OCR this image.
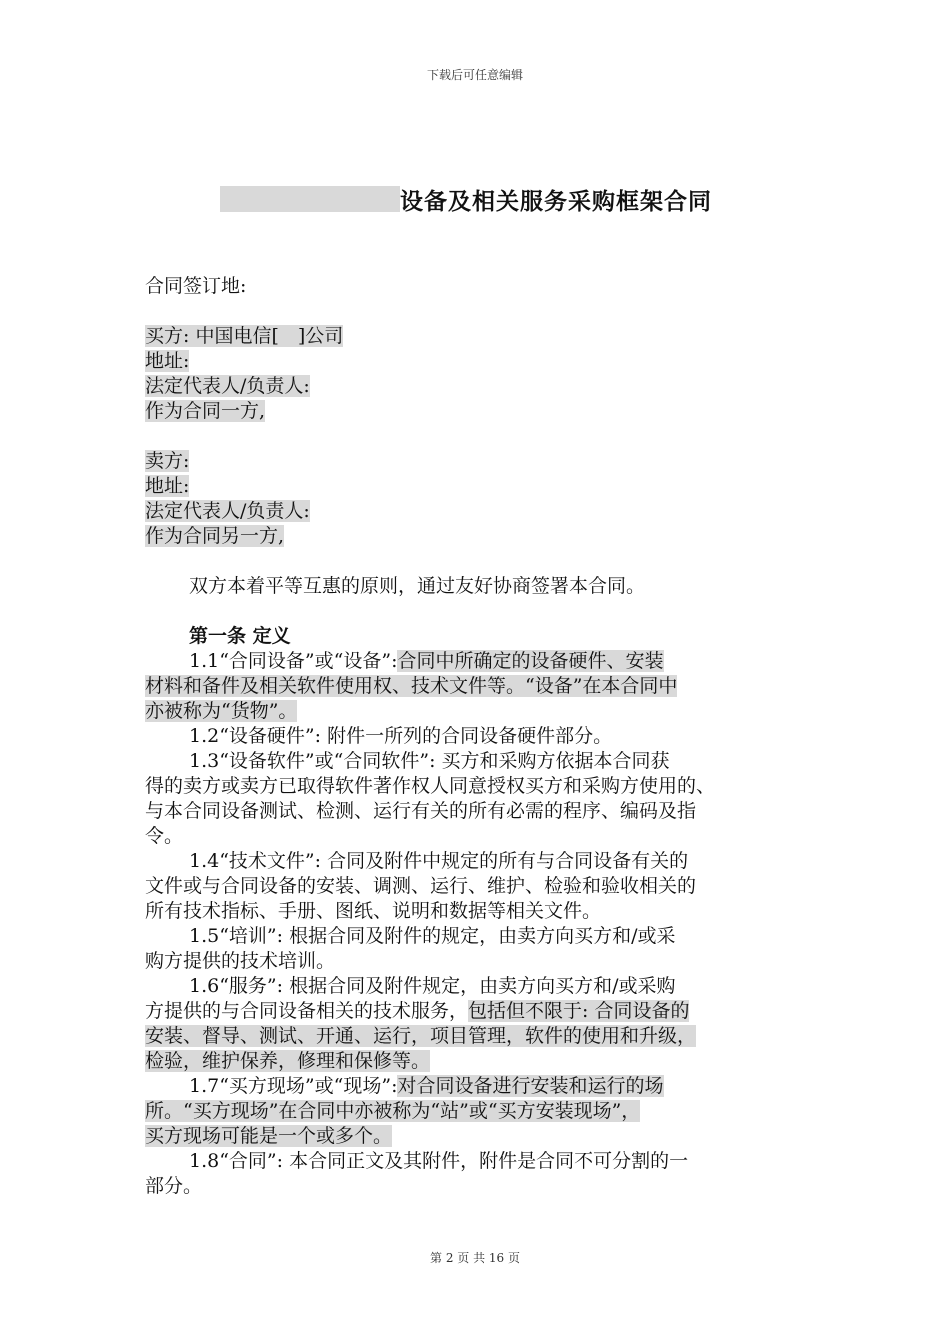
下载后可任意编辑
设备及相关服务采购框架合同
合同签订地:
买方: 中国电信[　]公司
地址:
法定代表人/负责人:
作为合同一方,
卖方:
地址:
法定代表人/负责人:
作为合同另一方,
双方本着平等互惠的原则，通过友好协商签署本合同。
第一条 定义
1.1“合同设备”或“设备”:合同中所确定的设备硬件、安装
材料和备件及相关软件使用权、技术文件等。“设备”在本合同中
亦被称为“货物”。
1.2“设备硬件”: 附件一所列的合同设备硬件部分。
1.3“设备软件”或“合同软件”: 买方和采购方依据本合同获
得的卖方或卖方已取得软件著作权人同意授权买方和采购方使用的、
与本合同设备测试、检测、运行有关的所有必需的程序、编码及指
令。
1.4“技术文件”: 合同及附件中规定的所有与合同设备有关的
文件或与合同设备的安装、调测、运行、维护、检验和验收相关的
所有技术指标、手册、图纸、说明和数据等相关文件。
1.5“培训”: 根据合同及附件的规定，由卖方向买方和/或采
购方提供的技术培训。
1.6“服务”: 根据合同及附件规定，由卖方向买方和/或采购
方提供的与合同设备相关的技术服务，包括但不限于: 合同设备的
安装、督导、测试、开通、运行，项目管理，软件的使用和升级，
检验，维护保养，修理和保修等。
1.7“买方现场”或“现场”:对合同设备进行安装和运行的场
所。“买方现场”在合同中亦被称为“站”或“买方安装现场”，
买方现场可能是一个或多个。
1.8“合同”: 本合同正文及其附件，附件是合同不可分割的一
部分。
第 2 页 共 16 页
